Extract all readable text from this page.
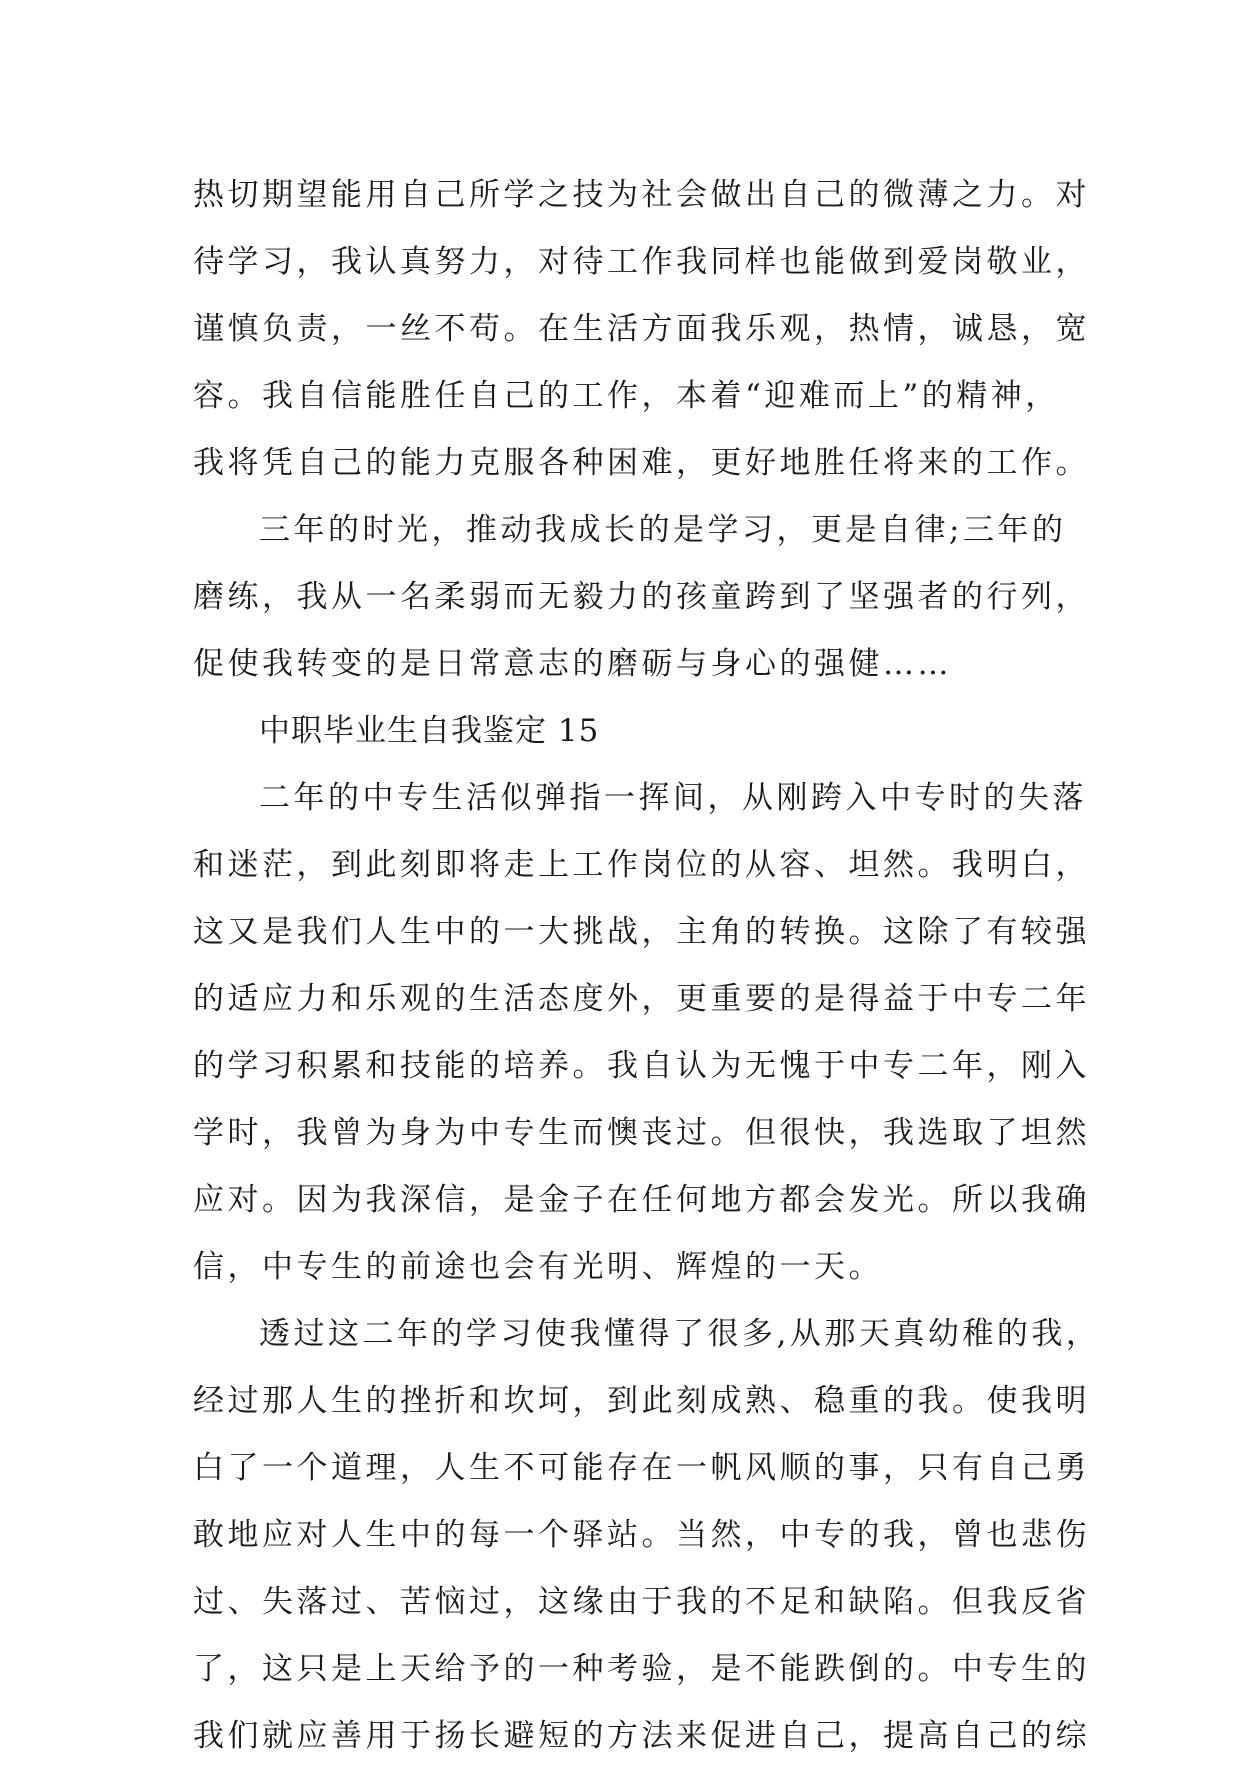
热切期望能用自己所学之技为社会做出自己的微薄之力。对
待学习，我认真努力，对待工作我同样也能做到爱岗敬业，
谨慎负责，一丝不苟。在生活方面我乐观，热情，诚恳，宽
容。我自信能胜任自己的工作，本着“迎难而上”的精神，
我将凭自己的能力克服各种困难，更好地胜任将来的工作。
三年的时光，推动我成长的是学习，更是自律;三年的
磨练，我从一名柔弱而无毅力的孩童跨到了坚强者的行列，
促使我转变的是日常意志的磨砺与身心的强健……
中职毕业生自我鉴定 15
二年的中专生活似弹指一挥间，从刚跨入中专时的失落
和迷茫，到此刻即将走上工作岗位的从容、坦然。我明白，
这又是我们人生中的一大挑战，主角的转换。这除了有较强
的适应力和乐观的生活态度外，更重要的是得益于中专二年
的学习积累和技能的培养。我自认为无愧于中专二年，刚入
学时，我曾为身为中专生而懊丧过。但很快，我选取了坦然
应对。因为我深信，是金子在任何地方都会发光。所以我确
信，中专生的前途也会有光明、辉煌的一天。
透过这二年的学习使我懂得了很多,从那天真幼稚的我，
经过那人生的挫折和坎坷，到此刻成熟、稳重的我。使我明
白了一个道理，人生不可能存在一帆风顺的事，只有自己勇
敢地应对人生中的每一个驿站。当然，中专的我，曾也悲伤
过、失落过、苦恼过，这缘由于我的不足和缺陷。但我反省
了，这只是上天给予的一种考验，是不能跌倒的。中专生的
我们就应善用于扬长避短的方法来促进自己，提高自己的综
